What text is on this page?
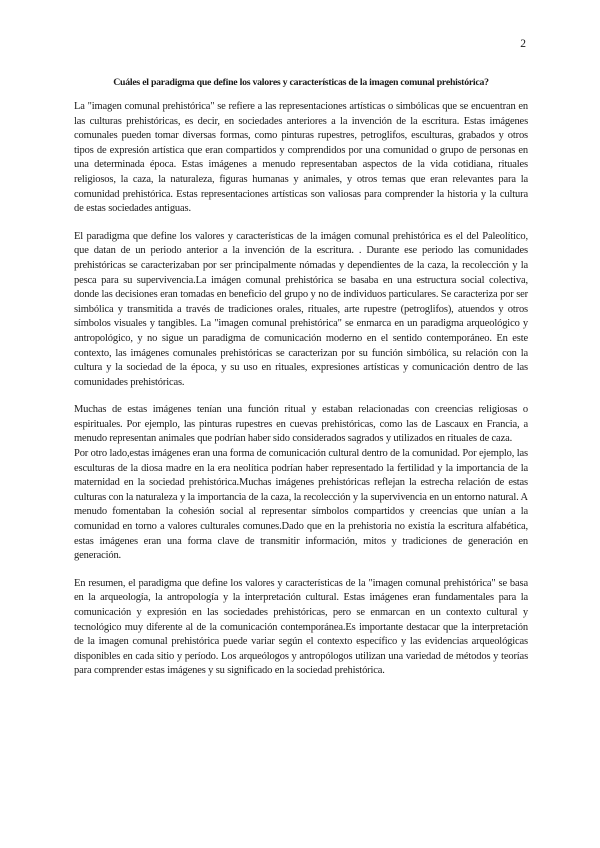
2

Cuáles el paradigma que define los valores y características de la imagen comunal prehistórica?

La "imagen comunal prehistórica" se refiere a las representaciones artísticas o simbólicas que se encuentran en las culturas prehistóricas, es decir, en sociedades anteriores a la invención de la escritura. Estas imágenes comunales pueden tomar diversas formas, como pinturas rupestres, petroglifos, esculturas, grabados y otros tipos de expresión artística que eran compartidos y comprendidos por una comunidad o grupo de personas en una determinada época. Estas imágenes a menudo representaban aspectos de la vida cotidiana, rituales religiosos, la caza, la naturaleza, figuras humanas y animales, y otros temas que eran relevantes para la comunidad prehistórica. Estas representaciones artísticas son valiosas para comprender la historia y la cultura de estas sociedades antiguas.

El paradigma que define los valores y características de la imágen comunal prehistórica es el del Paleolítico, que datan de un periodo anterior a la invención de la escritura. . Durante ese periodo las comunidades prehistóricas se caracterizaban por ser principalmente nómadas y dependientes de la caza, la recolección y la pesca para su supervivencia.La imágen comunal prehistórica se basaba en una estructura social colectiva, donde las decisiones eran tomadas en beneficio del grupo y no de individuos particulares. Se caracteriza por ser simbólica y transmitida a través de tradiciones orales, rituales, arte rupestre (petroglifos), atuendos y otros símbolos visuales y tangibles. La "imagen comunal prehistórica" se enmarca en un paradigma arqueológico y antropológico, y no sigue un paradigma de comunicación moderno en el sentido contemporáneo. En este contexto, las imágenes comunales prehistóricas se caracterizan por su función simbólica, su relación con la cultura y la sociedad de la época, y su uso en rituales, expresiones artísticas y comunicación dentro de las comunidades prehistóricas.

Muchas de estas imágenes tenían una función ritual y estaban relacionadas con creencias religiosas o espirituales. Por ejemplo, las pinturas rupestres en cuevas prehistóricas, como las de Lascaux en Francia, a menudo representan animales que podrían haber sido considerados sagrados y utilizados en rituales de caza.

Por otro lado,estas imágenes eran una forma de comunicación cultural dentro de la comunidad. Por ejemplo, las esculturas de la diosa madre en la era neolítica podrían haber representado la fertilidad y la importancia de la maternidad en la sociedad prehistórica.Muchas imágenes prehistóricas reflejan la estrecha relación de estas culturas con la naturaleza y la importancia de la caza, la recolección y la supervivencia en un entorno natural. A menudo fomentaban la cohesión social al representar símbolos compartidos y creencias que unían a la comunidad en torno a valores culturales comunes.Dado que en la prehistoria no existía la escritura alfabética, estas imágenes eran una forma clave de transmitir información, mitos y tradiciones de generación en generación.

En resumen, el paradigma que define los valores y características de la "imagen comunal prehistórica" se basa en la arqueología, la antropología y la interpretación cultural. Estas imágenes eran fundamentales para la comunicación y expresión en las sociedades prehistóricas, pero se enmarcan en un contexto cultural y tecnológico muy diferente al de la comunicación contemporánea.Es importante destacar que la interpretación de la imagen comunal prehistórica puede variar según el contexto específico y las evidencias arqueológicas disponibles en cada sitio y período. Los arqueólogos y antropólogos utilizan una variedad de métodos y teorías para comprender estas imágenes y su significado en la sociedad prehistórica.
